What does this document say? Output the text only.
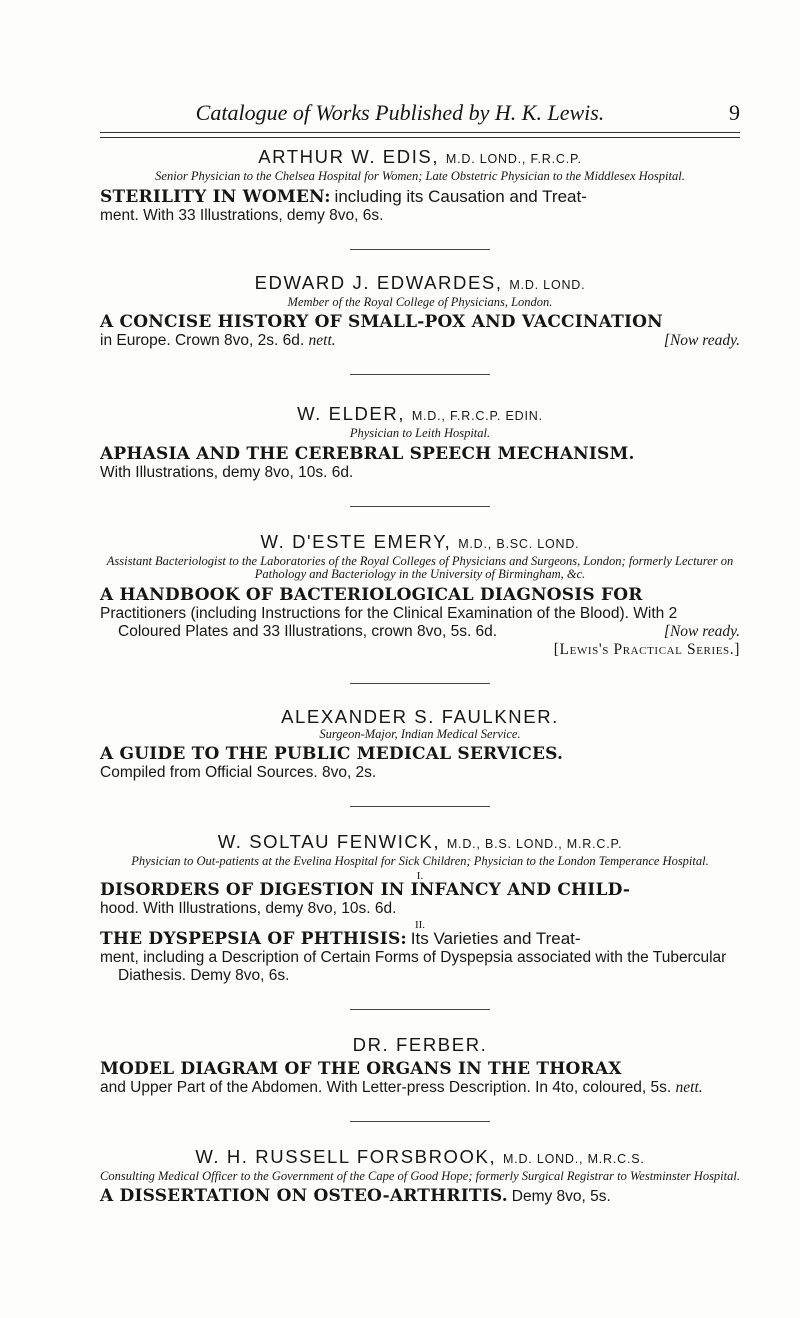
Catalogue of Works Published by H. K. Lewis.	9
ARTHUR W. EDIS, M.D. LOND., F.R.C.P.
Senior Physician to the Chelsea Hospital for Women; Late Obstetric Physician to the Middlesex Hospital.
STERILITY IN WOMEN: including its Causation and Treat-
ment. With 33 Illustrations, demy 8vo, 6s.
EDWARD J. EDWARDES, M.D. LOND.
Member of the Royal College of Physicians, London.
A CONCISE HISTORY OF SMALL-POX AND VACCINATION
in Europe. Crown 8vo, 2s. 6d. nett.	[Now ready.
W. ELDER, M.D., F.R.C.P. EDIN.
Physician to Leith Hospital.
APHASIA AND THE CEREBRAL SPEECH MECHANISM.
With Illustrations, demy 8vo, 10s. 6d.
W. D'ESTE EMERY, M.D., B.SC. LOND.
Assistant Bacteriologist to the Laboratories of the Royal Colleges of Physicians and Surgeons, London; formerly Lecturer on Pathology and Bacteriology in the University of Birmingham, &c.
A HANDBOOK OF BACTERIOLOGICAL DIAGNOSIS FOR
Practitioners (including Instructions for the Clinical Examination of the Blood). With 2 Coloured Plates and 33 Illustrations, crown 8vo, 5s. 6d.	[Now ready.
[Lewis's Practical Series.]
ALEXANDER S. FAULKNER.
Surgeon-Major, Indian Medical Service.
A GUIDE TO THE PUBLIC MEDICAL SERVICES.
Compiled from Official Sources. 8vo, 2s.
W. SOLTAU FENWICK, M.D., B.S. LOND., M.R.C.P.
Physician to Out-patients at the Evelina Hospital for Sick Children; Physician to the London Temperance Hospital.
I.
DISORDERS OF DIGESTION IN INFANCY AND CHILD-
hood. With Illustrations, demy 8vo, 10s. 6d.
II.
THE DYSPEPSIA OF PHTHISIS: Its Varieties and Treat-
ment, including a Description of Certain Forms of Dyspepsia associated with the Tubercular Diathesis. Demy 8vo, 6s.
DR. FERBER.
MODEL DIAGRAM OF THE ORGANS IN THE THORAX
and Upper Part of the Abdomen. With Letter-press Description. In 4to, coloured, 5s. nett.
W. H. RUSSELL FORSBROOK, M.D. LOND., M.R.C.S.
Consulting Medical Officer to the Government of the Cape of Good Hope; formerly Surgical Registrar to Westminster Hospital.
A DISSERTATION ON OSTEO-ARTHRITIS. Demy 8vo, 5s.
